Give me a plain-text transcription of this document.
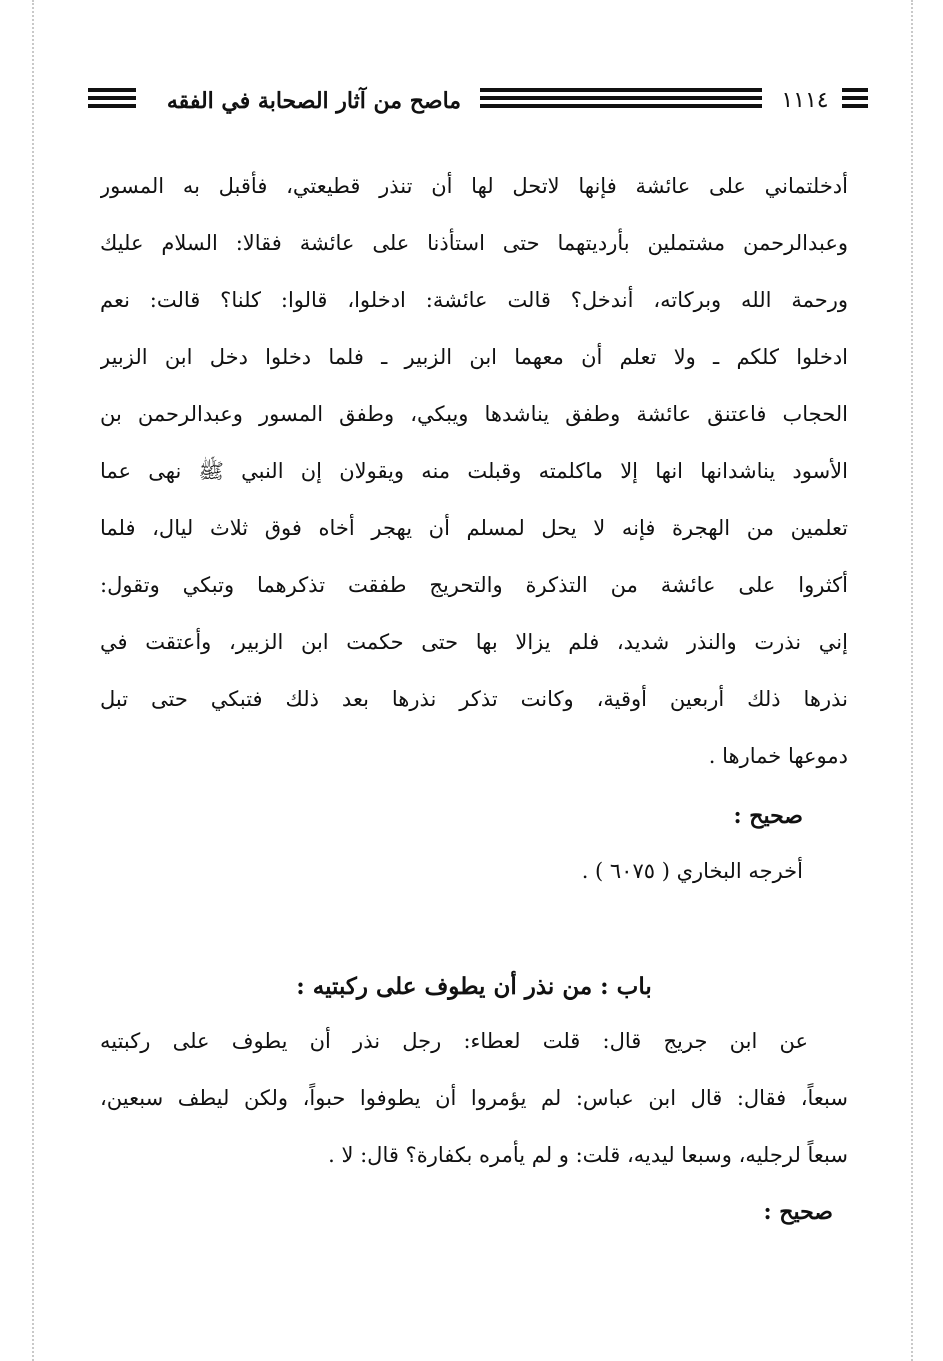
ماصح من آثار الصحابة في الفقه	١١١٤
أدخلتماني على عائشة فإنها لاتحل لها أن تنذر قطيعتي، فأقبل به المسور
وعبدالرحمن مشتملين بأرديتهما حتى استأذنا على عائشة فقالا: السلام عليك
ورحمة الله وبركاته، أندخل؟ قالت عائشة: ادخلوا، قالوا: كلنا؟ قالت: نعم
ادخلوا كلكم ـ ولا تعلم أن معهما ابن الزبير ـ فلما دخلوا دخل ابن الزبير
الحجاب فاعتنق عائشة وطفق يناشدها ويبكي، وطفق المسور وعبدالرحمن بن
الأسود يناشدانها انها إلا ماكلمته وقبلت منه ويقولان إن النبي ﷺ نهى عما
تعلمين من الهجرة فإنه لا يحل لمسلم أن يهجر أخاه فوق ثلاث ليال، فلما
أكثروا على عائشة من التذكرة والتحريج طفقت تذكرهما وتبكي وتقول:
إني نذرت والنذر شديد، فلم يزالا بها حتى حكمت ابن الزبير، وأعتقت في
نذرها ذلك أربعين أوقية، وكانت تذكر نذرها بعد ذلك فتبكي حتى تبل
دموعها خمارها .
صحيح :
أخرجه البخاري ( ٦٠٧٥ ) .
باب : من نذر أن يطوف على ركبتيه :
عن ابن جريج قال: قلت لعطاء: رجل نذر أن يطوف على ركبتيه
سبعاً، فقال: قال ابن عباس: لم يؤمروا أن يطوفوا حبواً، ولكن ليطف سبعين،
سبعاً لرجليه، وسبعا ليديه، قلت: و لم يأمره بكفارة؟ قال: لا .
صحيح :
